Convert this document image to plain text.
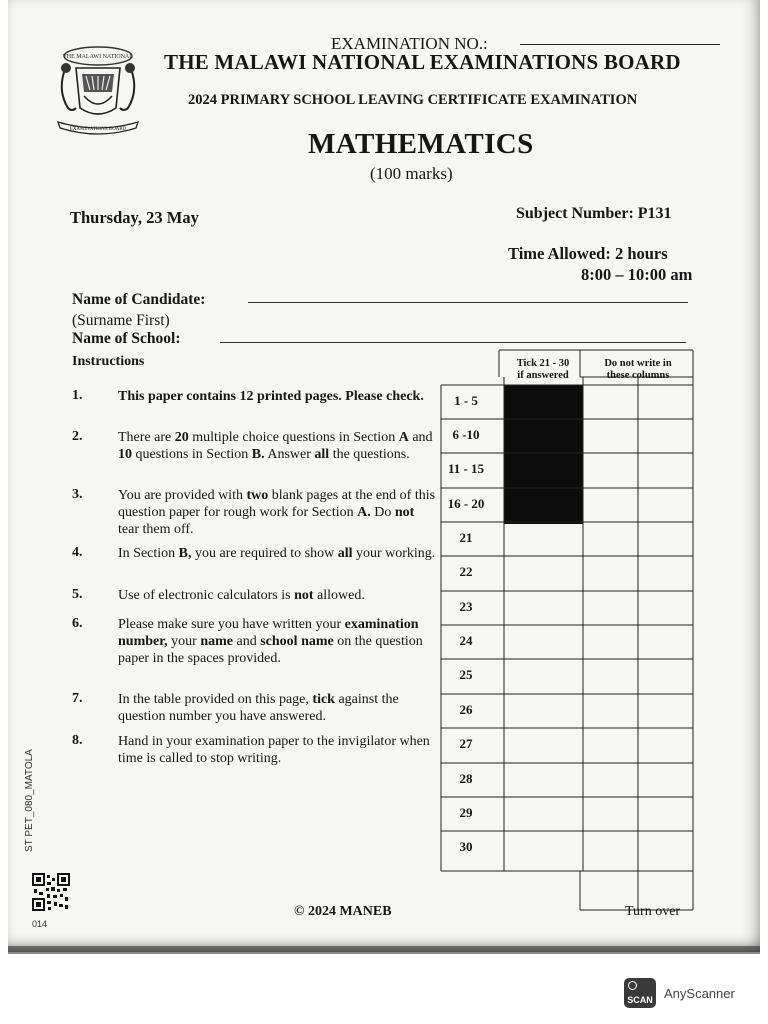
THE MALAWI NATIONAL
EXAMINATIONS BOARD
EXAMINATION NO.:
THE MALAWI NATIONAL EXAMINATIONS BOARD
2024 PRIMARY SCHOOL LEAVING CERTIFICATE EXAMINATION
MATHEMATICS
(100 marks)
Thursday, 23 May	Subject Number: P131
Time Allowed: 2 hours
8:00 – 10:00 am
Name of Candidate:
(Surname First)
Name of School:
Instructions
1.	This paper contains 12 printed pages. Please check.
2.	There are 20 multiple choice questions in Section A and 10 questions in Section B. Answer all the questions.
3.	You are provided with two blank pages at the end of this question paper for rough work for Section A. Do not tear them off.
4.	In Section B, you are required to show all your working.
5.	Use of electronic calculators is not allowed.
6.	Please make sure you have written your examination number, your name and school name on the question paper in the spaces provided.
7.	In the table provided on this page, tick against the question number you have answered.
8.	Hand in your examination paper to the invigilator when time is called to stop writing.
Tick 21 - 30
if answered
Do not write in
these columns
1 - 5
6 -10
11 - 15
16 - 20
21
22
23
24
25
26
27
28
29
30
ST PET_080_MATOLA
014
© 2024 MANEB	Turn over
SCAN AnyScanner
